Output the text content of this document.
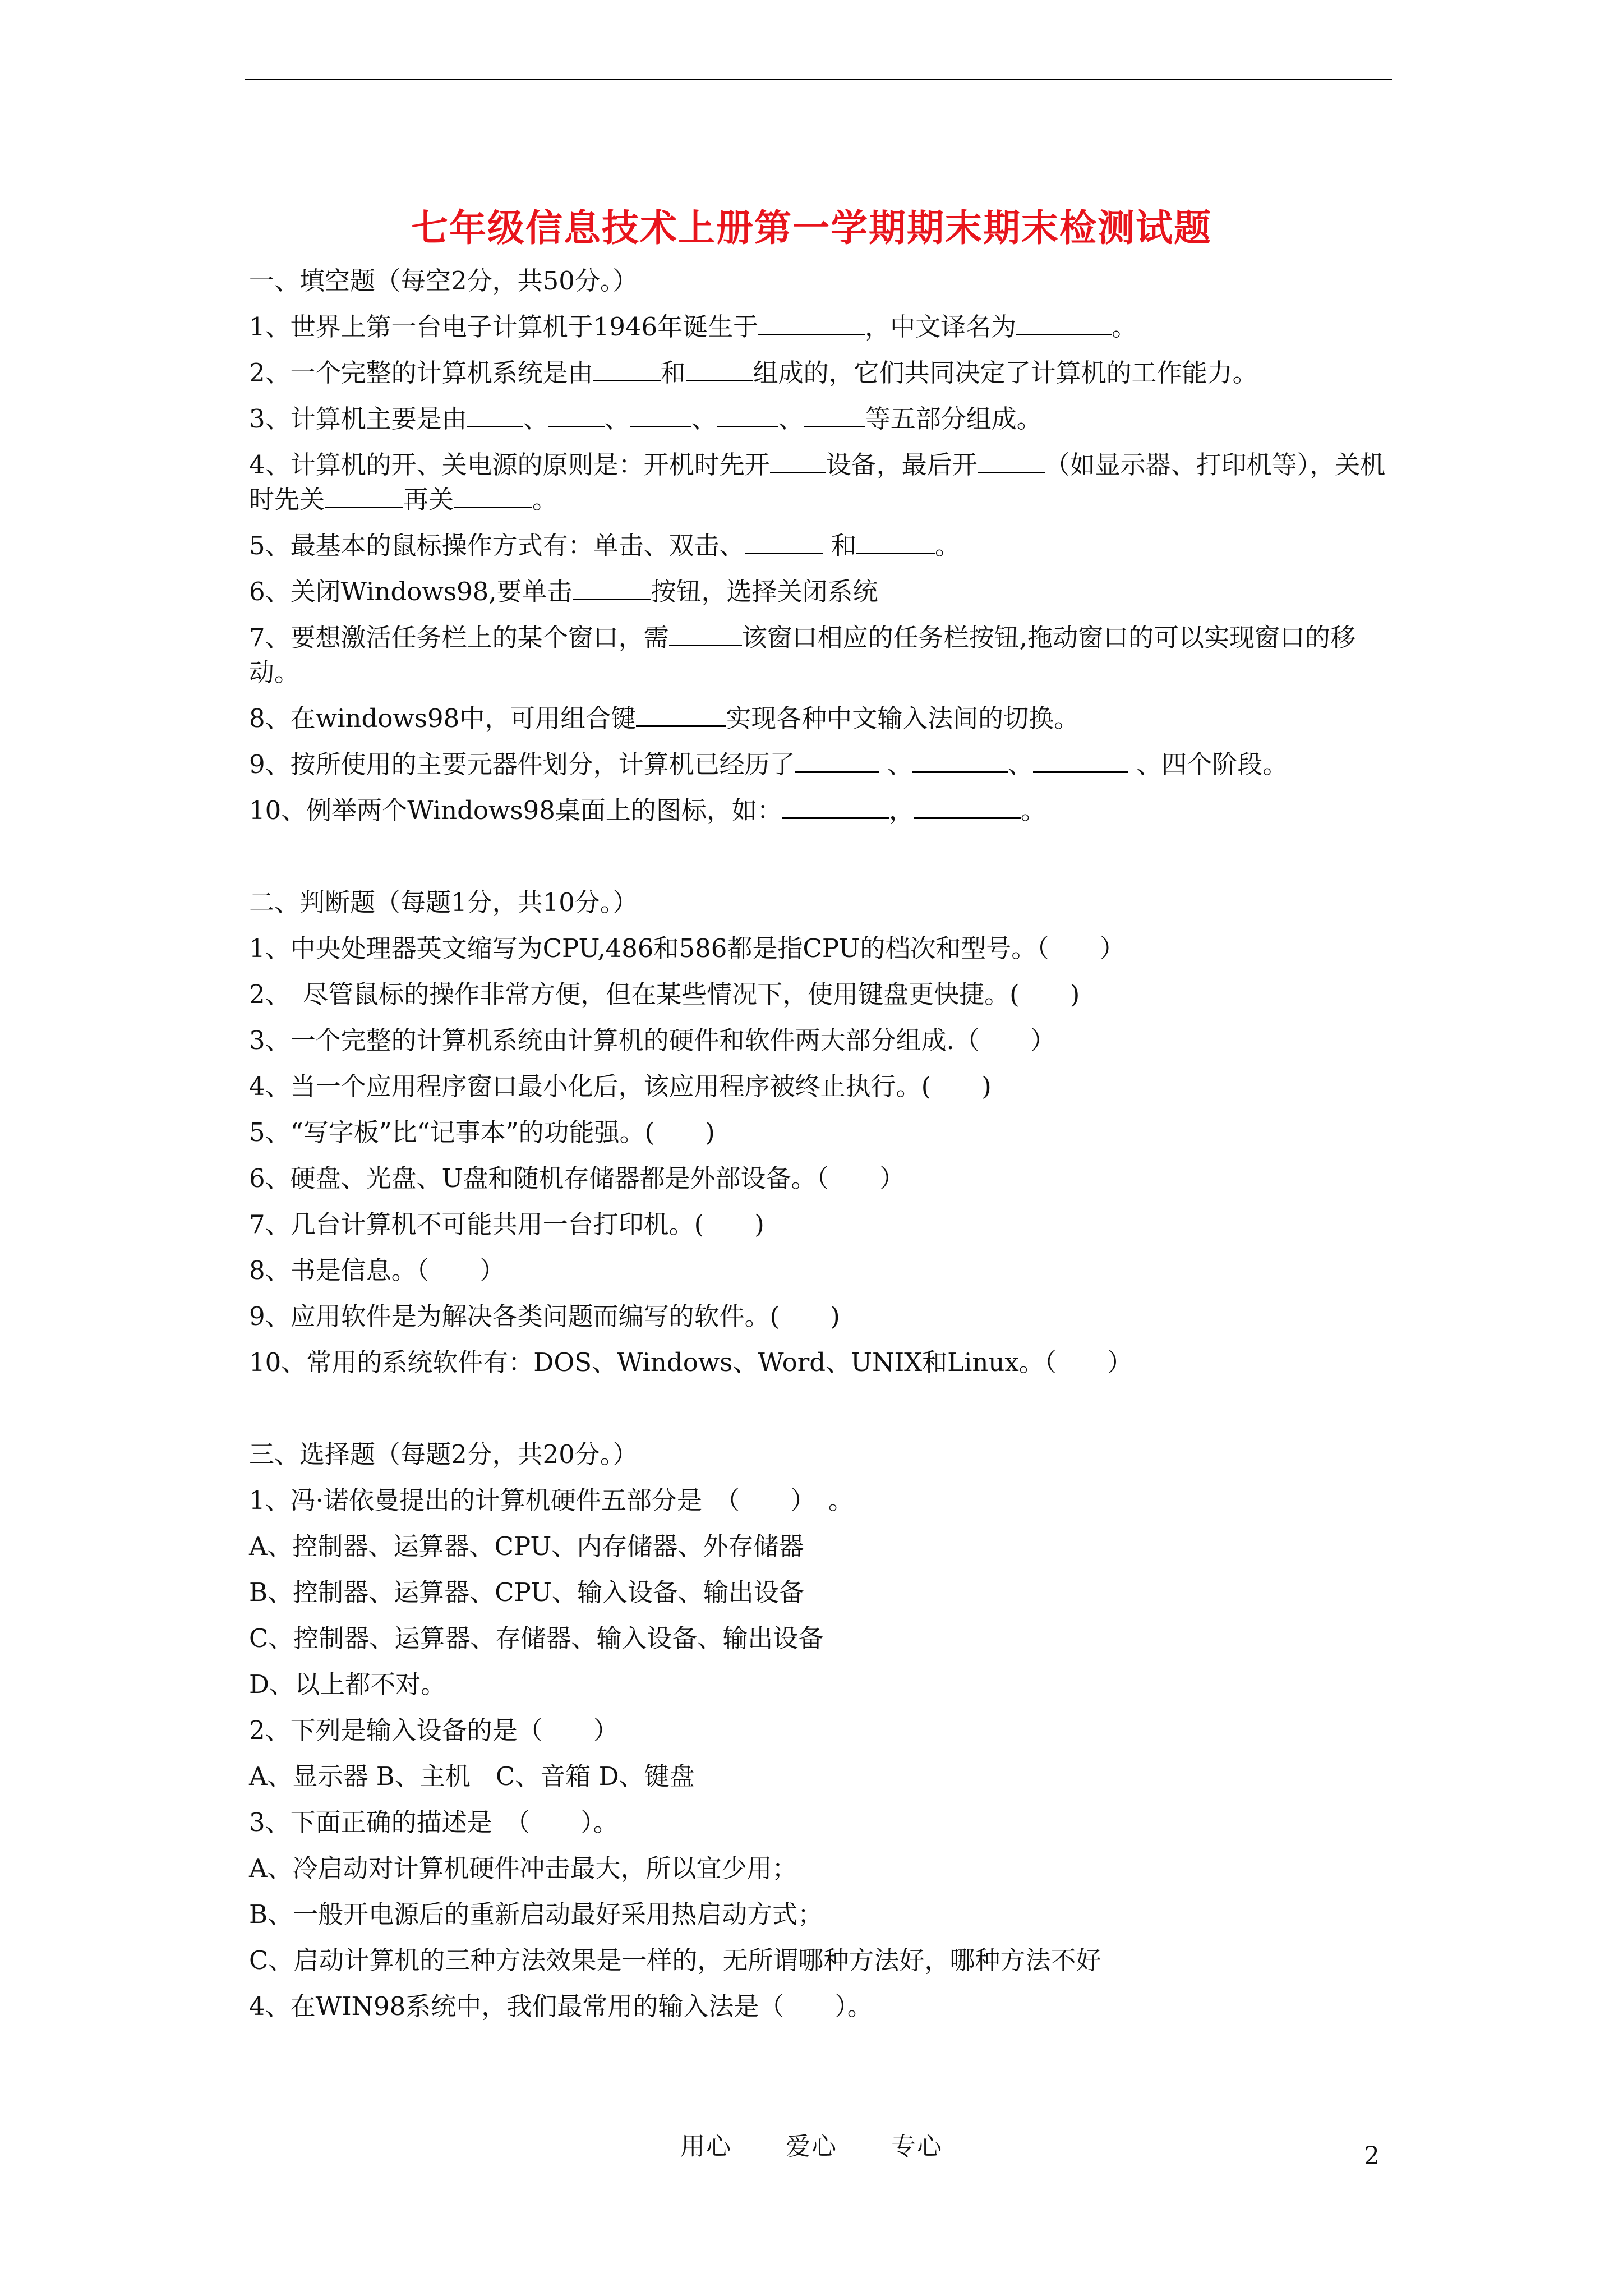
七年级信息技术上册第一学期期末期末检测试题
一、填空题（每空2分，共50分。）
1、世界上第一台电子计算机于1946年诞生于	，中文译名为	。
2、一个完整的计算机系统是由	和	组成的，它们共同决定了计算机的工作能力。
3、计算机主要是由 、 、 、 、 等五部分组成。
4、计算机的开、关电源的原则是：开机时先开 设备，最后开	（如显示器、打印机等），关机时先关	再关	。
5、最基本的鼠标操作方式有：单击、双击、	和	。
6、关闭Windows98,要单击	按钮，选择关闭系统
7、要想激活任务栏上的某个窗口，需	该窗口相应的任务栏按钮,拖动窗口的可以实现窗口的移动。
8、在windows98中，可用组合键	实现各种中文输入法间的切换。
9、按所使用的主要元器件划分，计算机已经历了	、	、	、四个阶段。
10、例举两个Windows98桌面上的图标，如：	，	。
二、判断题（每题1分，共10分。）
1、中央处理器英文缩写为CPU,486和586都是指CPU的档次和型号。（　　）
2、　尽管鼠标的操作非常方便，但在某些情况下，使用键盘更快捷。(　　)
3、一个完整的计算机系统由计算机的硬件和软件两大部分组成.（　　）
4、当一个应用程序窗口最小化后，该应用程序被终止执行。(　　)
5、“写字板”比“记事本”的功能强。(　　)
6、硬盘、光盘、U盘和随机存储器都是外部设备。（　　）
7、几台计算机不可能共用一台打印机。(　　)
8、书是信息。（　　）
9、应用软件是为解决各类问题而编写的软件。(　　)
10、常用的系统软件有：DOS、Windows、Word、UNIX和Linux。（　　）
三、选择题（每题2分，共20分。）
1、冯·诺依曼提出的计算机硬件五部分是　（　　）　。
A、控制器、运算器、CPU、内存储器、外存储器
B、控制器、运算器、CPU、输入设备、输出设备
C、控制器、运算器、存储器、输入设备、输出设备
D、以上都不对。
2、下列是输入设备的是（　　）
A、显示器 B、主机　C、音箱 D、键盘
3、下面正确的描述是　（　　）。
A、冷启动对计算机硬件冲击最大，所以宜少用；
B、一般开电源后的重新启动最好采用热启动方式；
C、启动计算机的三种方法效果是一样的，无所谓哪种方法好，哪种方法不好
4、在WIN98系统中，我们最常用的输入法是（　　）。
用心 爱心 专心	2
